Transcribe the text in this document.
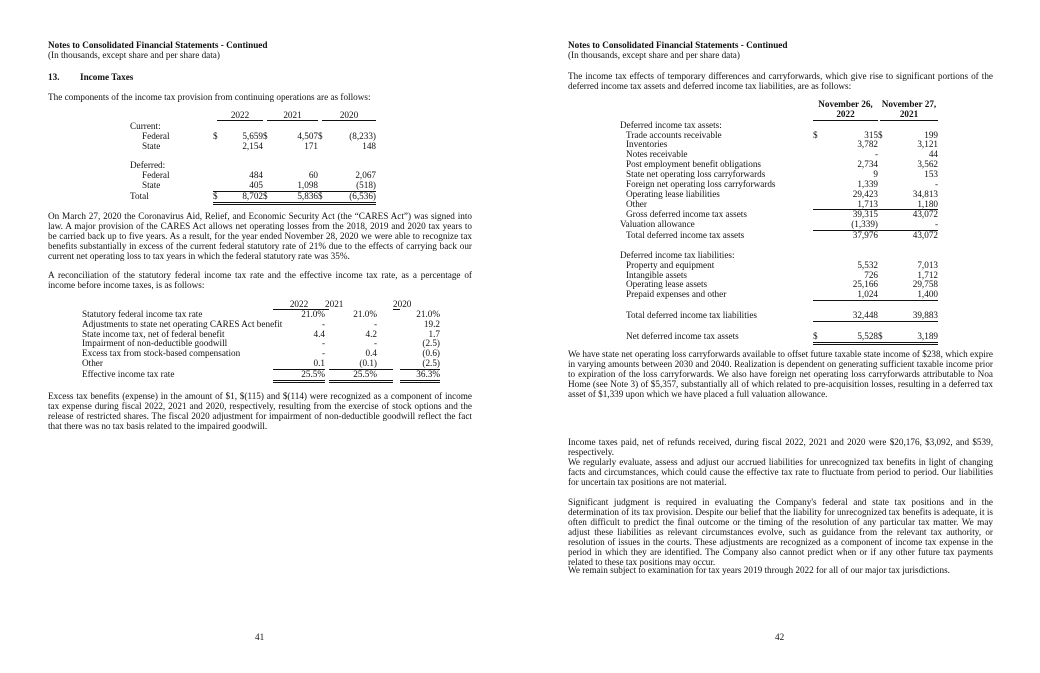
Notes to Consolidated Financial Statements - Continued
(In thousands, except share and per share data)
13. Income Taxes
The components of the income tax provision from continuing operations are as follows:
2022	2021	2020
Current:
Federal	$	5,659 $	4,507 $	(8,233)
State	2,154	171	148
Deferred:
Federal	484	60	2,067
State	405	1,098	(518)
Total	$	8,702 $	5,836 $	(6,536)
On March 27, 2020 the Coronavirus Aid, Relief, and Economic Security Act (the “CARES Act”) was signed into law. A major provision of the CARES Act allows net operating losses from the 2018, 2019 and 2020 tax years to be carried back up to five years. As a result, for the year ended November 28, 2020 we were able to recognize tax benefits substantially in excess of the current federal statutory rate of 21% due to the effects of carrying back our current net operating loss to tax years in which the federal statutory rate was 35%.
A reconciliation of the statutory federal income tax rate and the effective income tax rate, as a percentage of income before income taxes, is as follows:
2022	2021	2020
Statutory federal income tax rate	21.0%	21.0%	21.0%
Adjustments to state net operating CARES Act benefit	-	-	19.2
State income tax, net of federal benefit	4.4	4.2	1.7
Impairment of non-deductible goodwill	-	-	(2.5)
Excess tax from stock-based compensation	-	0.4	(0.6)
Other	0.1	(0.1)	(2.5)
Effective income tax rate	25.5%	25.5%	36.3%
Excess tax benefits (expense) in the amount of $1, $(115) and $(114) were recognized as a component of income tax expense during fiscal 2022, 2021 and 2020, respectively, resulting from the exercise of stock options and the release of restricted shares. The fiscal 2020 adjustment for impairment of non-deductible goodwill reflect the fact that there was no tax basis related to the impaired goodwill.
41
Notes to Consolidated Financial Statements - Continued
(In thousands, except share and per share data)
The income tax effects of temporary differences and carryforwards, which give rise to significant portions of the deferred income tax assets and deferred income tax liabilities, are as follows:
November 26,
2022
November 27,
2021
Deferred income tax assets:
Trade accounts receivable	$	315 $	199
Inventories	3,782	3,121
Notes receivable	-	44
Post employment benefit obligations	2,734	3,562
State net operating loss carryforwards	9	153
Foreign net operating loss carryforwards	1,339	-
Operating lease liabilities	29,423	34,813
Other	1,713	1,180
Gross deferred income tax assets	39,315	43,072
Valuation allowance	(1,339)	-
Total deferred income tax assets	37,976	43,072
Deferred income tax liabilities:
Property and equipment	5,532	7,013
Intangible assets	726	1,712
Operating lease assets	25,166	29,758
Prepaid expenses and other	1,024	1,400
Total deferred income tax liabilities	32,448	39,883
Net deferred income tax assets	$	5,528 $	3,189
We have state net operating loss carryforwards available to offset future taxable state income of $238, which expire in varying amounts between 2030 and 2040. Realization is dependent on generating sufficient taxable income prior to expiration of the loss carryforwards. We also have foreign net operating loss carryforwards attributable to Noa Home (see Note 3) of $5,357, substantially all of which related to pre-acquisition losses, resulting in a deferred tax asset of $1,339 upon which we have placed a full valuation allowance.
Income taxes paid, net of refunds received, during fiscal 2022, 2021 and 2020 were $20,176, $3,092, and $539, respectively.
We regularly evaluate, assess and adjust our accrued liabilities for unrecognized tax benefits in light of changing facts and circumstances, which could cause the effective tax rate to fluctuate from period to period. Our liabilities for uncertain tax positions are not material.
Significant judgment is required in evaluating the Company's federal and state tax positions and in the determination of its tax provision. Despite our belief that the liability for unrecognized tax benefits is adequate, it is often difficult to predict the final outcome or the timing of the resolution of any particular tax matter. We may adjust these liabilities as relevant circumstances evolve, such as guidance from the relevant tax authority, or resolution of issues in the courts. These adjustments are recognized as a component of income tax expense in the period in which they are identified. The Company also cannot predict when or if any other future tax payments related to these tax positions may occur.
We remain subject to examination for tax years 2019 through 2022 for all of our major tax jurisdictions.
42
